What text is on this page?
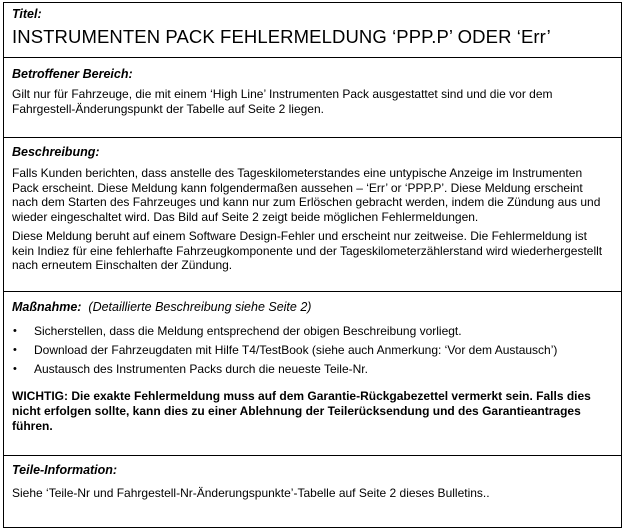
Titel:
INSTRUMENTEN PACK FEHLERMELDUNG ‘PPP.P’ ODER ‘Err’
Betroffener Bereich:
Gilt nur für Fahrzeuge, die mit einem ‘High Line’ Instrumenten Pack ausgestattet sind und die vor dem Fahrgestell-Änderungspunkt der Tabelle auf Seite 2 liegen.
Beschreibung:
Falls Kunden berichten, dass anstelle des Tageskilometerstandes eine untypische Anzeige im Instrumenten Pack erscheint. Diese Meldung kann folgendermaßen aussehen – ‘Err’ or ‘PPP.P’. Diese Meldung erscheint nach dem Starten des Fahrzeuges und kann nur zum Erlöschen gebracht werden, indem die Zündung aus und wieder eingeschaltet wird. Das Bild auf Seite 2 zeigt beide möglichen Fehlermeldungen.
Diese Meldung beruht auf einem Software Design-Fehler und erscheint nur zeitweise. Die Fehlermeldung ist kein Indiez für eine fehlerhafte Fahrzeugkomponente und der Tageskilometerzählerstand wird wiederhergestellt nach erneutem Einschalten der Zündung.
Maßnahme: (Detaillierte Beschreibung siehe Seite 2)
• Sicherstellen, dass die Meldung entsprechend der obigen Beschreibung vorliegt.
• Download der Fahrzeugdaten mit Hilfe T4/TestBook (siehe auch Anmerkung: ‘Vor dem Austausch’)
• Austausch des Instrumenten Packs durch die neueste Teile-Nr.
WICHTIG: Die exakte Fehlermeldung muss auf dem Garantie-Rückgabezettel vermerkt sein. Falls dies nicht erfolgen sollte, kann dies zu einer Ablehnung der Teilerücksendung und des Garantieantrages führen.
Teile-Information:
Siehe ‘Teile-Nr und Fahrgestell-Nr-Änderungspunkte’-Tabelle auf Seite 2 dieses Bulletins..
